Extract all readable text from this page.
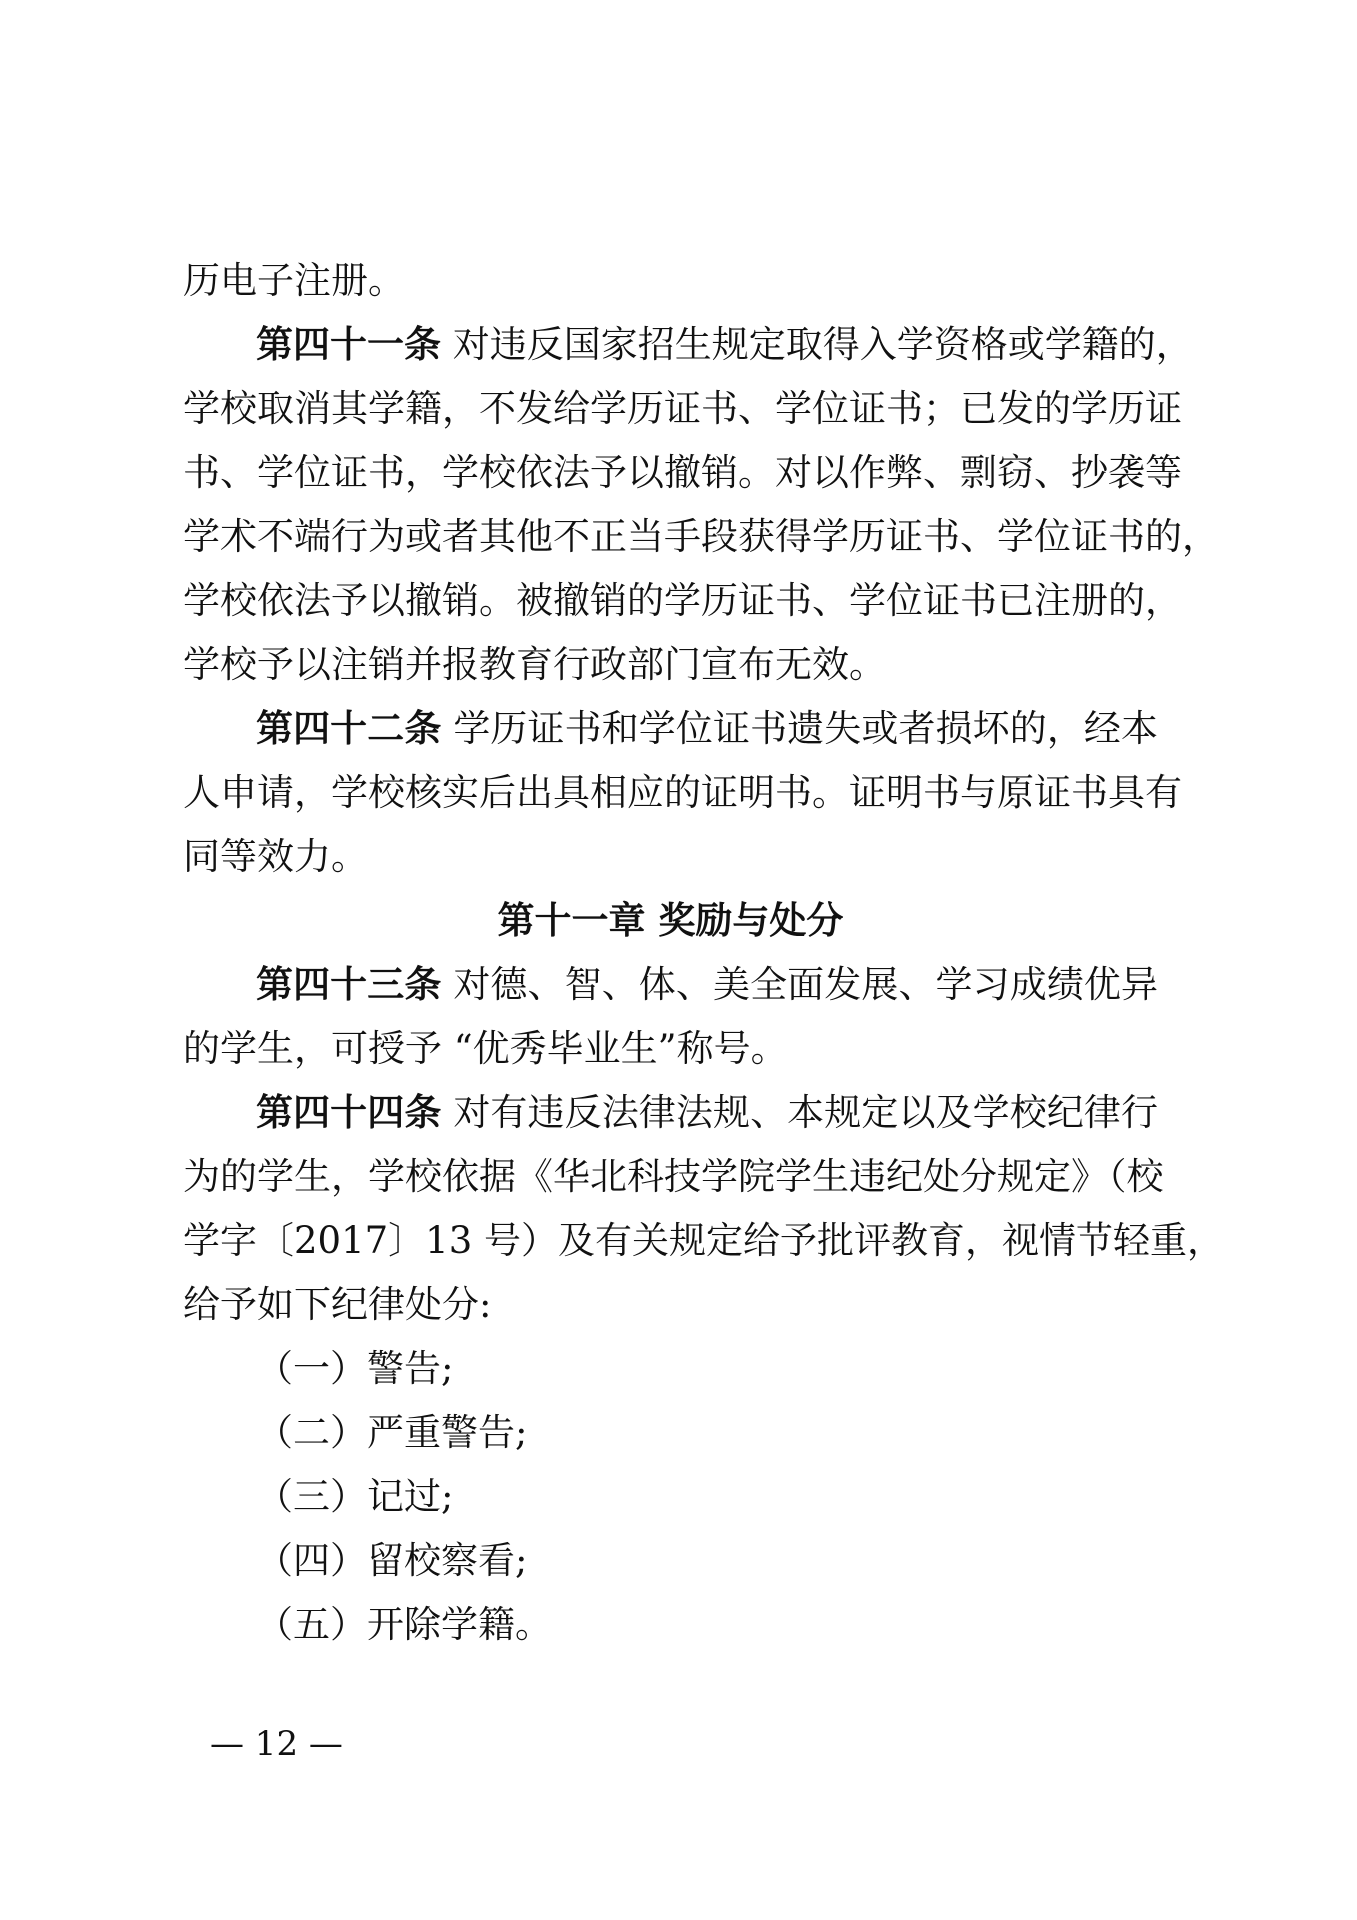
历电子注册。
第四十一条 对违反国家招生规定取得入学资格或学籍的，
学校取消其学籍，不发给学历证书、学位证书；已发的学历证
书、学位证书，学校依法予以撤销。对以作弊、剽窃、抄袭等
学术不端行为或者其他不正当手段获得学历证书、学位证书的，
学校依法予以撤销。被撤销的学历证书、学位证书已注册的，
学校予以注销并报教育行政部门宣布无效。
第四十二条 学历证书和学位证书遗失或者损坏的，经本
人申请，学校核实后出具相应的证明书。证明书与原证书具有
同等效力。
第十一章 奖励与处分
第四十三条 对德、智、体、美全面发展、学习成绩优异
的学生，可授予 “优秀毕业生”称号。
第四十四条 对有违反法律法规、本规定以及学校纪律行
为的学生，学校依据《华北科技学院学生违纪处分规定》（校
学字〔2017〕13 号）及有关规定给予批评教育，视情节轻重，
给予如下纪律处分:
（一）警告;
（二）严重警告;
（三）记过;
（四）留校察看;
（五）开除学籍。
— 12 —
